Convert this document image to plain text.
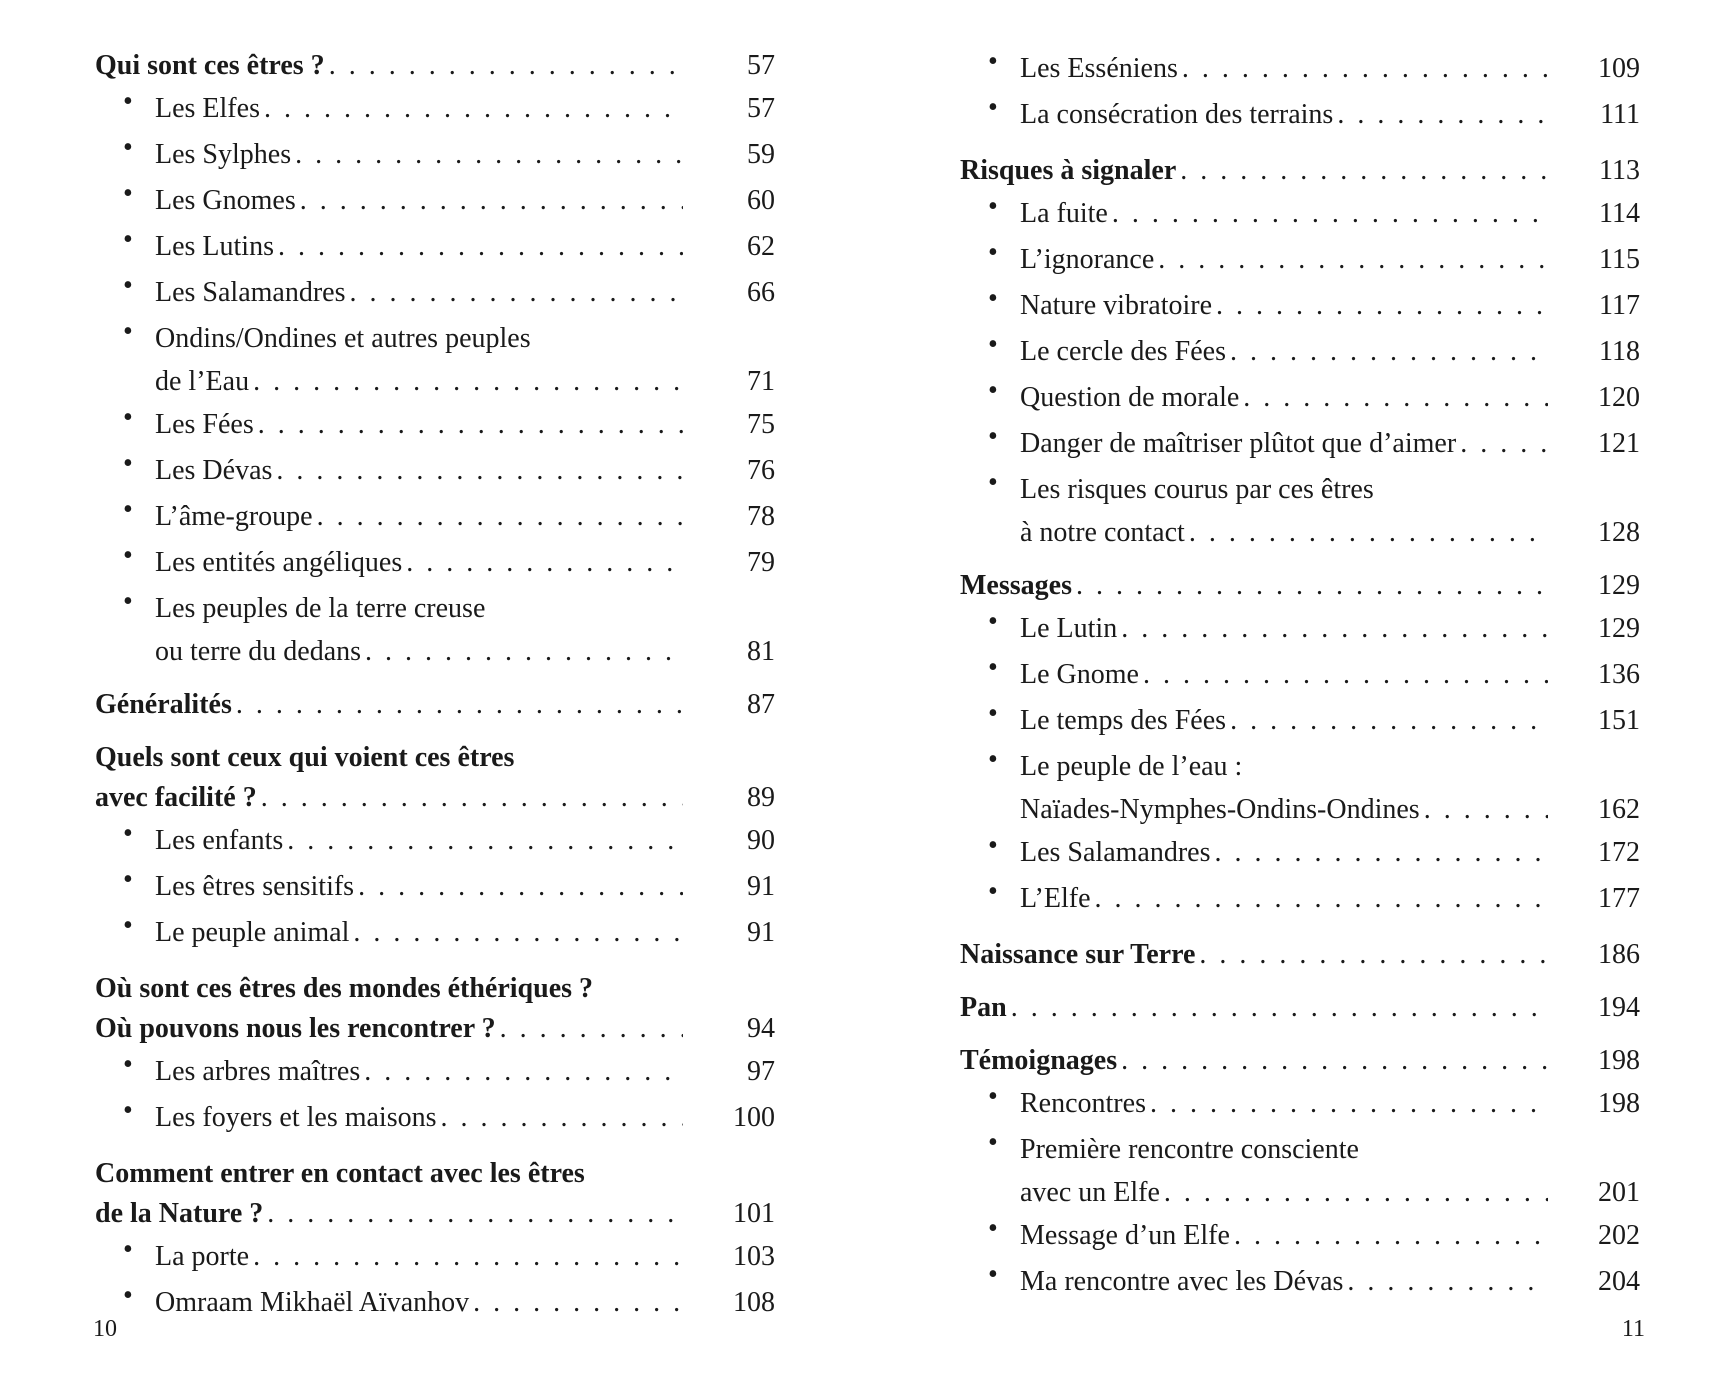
Qui sont ces êtres ? . . .	57
• Les Elfes . . .	57
• Les Sylphes . . .	59
• Les Gnomes . . .	60
• Les Lutins . . .	62
• Les Salamandres . . .	66
• Ondins/Ondines et autres peuples
de l’Eau . . .	71
• Les Fées . . .	75
• Les Dévas . . .	76
• L’âme-groupe . . .	78
• Les entités angéliques . . .	79
• Les peuples de la terre creuse
ou terre du dedans . . .	81
Généralités . . .	87
Quels sont ceux qui voient ces êtres
avec facilité ? . . .	89
• Les enfants . . .	90
• Les êtres sensitifs . . .	91
• Le peuple animal . . .	91
Où sont ces êtres des mondes éthériques ?
Où pouvons nous les rencontrer ? . . .	94
• Les arbres maîtres . . .	97
• Les foyers et les maisons . . .	100
Comment entrer en contact avec les êtres
de la Nature ? . . .	101
• La porte . . .	103
• Omraam Mikhaël Aïvanhov . . .	108
10
• Les Esséniens . . .	109
• La consécration des terrains . . .	111
Risques à signaler . . .	113
• La fuite . . .	114
• L’ignorance . . .	115
• Nature vibratoire . . .	117
• Le cercle des Fées . . .	118
• Question de morale . . .	120
• Danger de maîtriser plûtot que d’aimer . . .	121
• Les risques courus par ces êtres
à notre contact . . .	128
Messages . . .	129
• Le Lutin . . .	129
• Le Gnome . . .	136
• Le temps des Fées . . .	151
• Le peuple de l’eau :
Naïades-Nymphes-Ondins-Ondines . . .	162
• Les Salamandres . . .	172
• L’Elfe . . .	177
Naissance sur Terre . . .	186
Pan . . .	194
Témoignages . . .	198
• Rencontres . . .	198
• Première rencontre consciente
avec un Elfe . . .	201
• Message d’un Elfe . . .	202
• Ma rencontre avec les Dévas . . .	204
11
